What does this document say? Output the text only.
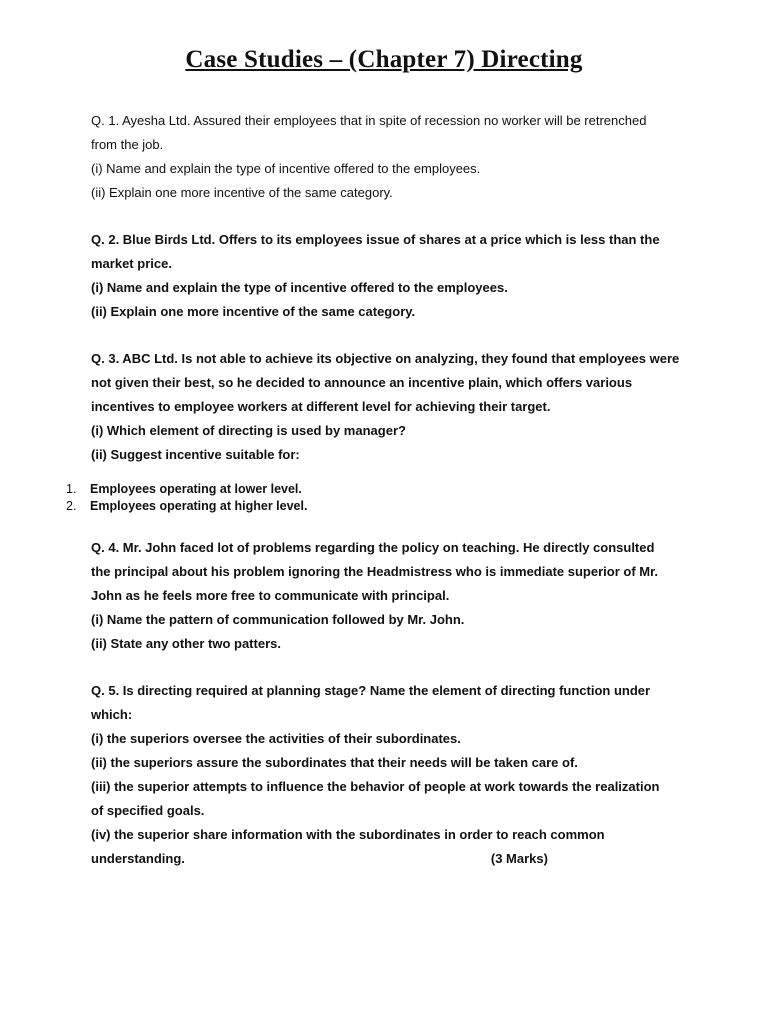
Case Studies – (Chapter 7) Directing

Q. 1. Ayesha Ltd. Assured their employees that in spite of recession no worker will be retrenched

from the job.

(i) Name and explain the type of incentive offered to the employees.

(ii) Explain one more incentive of the same category.

Q. 2. Blue Birds Ltd. Offers to its employees issue of shares at a price which is less than the

market price.

(i) Name and explain the type of incentive offered to the employees.

(ii) Explain one more incentive of the same category.

Q. 3. ABC Ltd. Is not able to achieve its objective on analyzing, they found that employees were

not given their best, so he decided to announce an incentive plain, which offers various

incentives to employee workers at different level for achieving their target.

(i) Which element of directing is used by manager?

(ii) Suggest incentive suitable for:

1. Employees operating at lower level.
2. Employees operating at higher level.

Q. 4. Mr. John faced lot of problems regarding the policy on teaching. He directly consulted

the principal about his problem ignoring the Headmistress who is immediate superior of Mr.

John as he feels more free to communicate with principal.

(i) Name the pattern of communication followed by Mr. John.

(ii) State any other two patters.

Q. 5. Is directing required at planning stage? Name the element of directing function under

which:

(i) the superiors oversee the activities of their subordinates.

(ii) the superiors assure the subordinates that their needs will be taken care of.

(iii) the superior attempts to influence the behavior of people at work towards the realization

of specified goals.

(iv) the superior share information with the subordinates in order to reach common

understanding.	(3 Marks)
